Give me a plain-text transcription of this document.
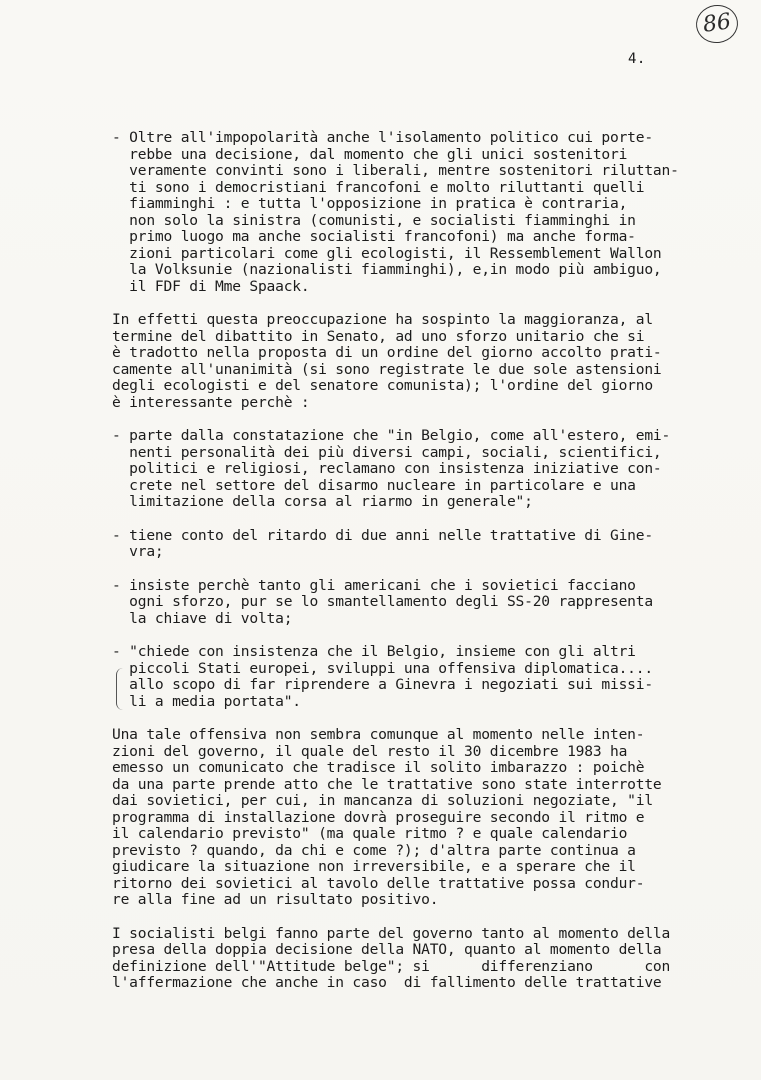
86
4.
- Oltre all'impopolarità anche l'isolamento politico cui porte-
rebbe una decisione, dal momento che gli unici sostenitori
veramente convinti sono i liberali, mentre sostenitori riluttan-
ti sono i democristiani francofoni e molto riluttanti quelli
fiamminghi : e tutta l'opposizione in pratica è contraria,
non solo la sinistra (comunisti, e socialisti fiamminghi in
primo luogo ma anche socialisti francofoni) ma anche forma-
zioni particolari come gli ecologisti, il Ressemblement Wallon
la Volksunie (nazionalisti fiamminghi), e,in modo più ambiguo,
il FDF di Mme Spaack.
In effetti questa preoccupazione ha sospinto la maggioranza, al
termine del dibattito in Senato, ad uno sforzo unitario che si
è tradotto nella proposta di un ordine del giorno accolto prati-
camente all'unanimità (si sono registrate le due sole astensioni
degli ecologisti e del senatore comunista); l'ordine del giorno
è interessante perchè :
- parte dalla constatazione che "in Belgio, come all'estero, emi-
nenti personalità dei più diversi campi, sociali, scientifici,
politici e religiosi, reclamano con insistenza iniziative con-
crete nel settore del disarmo nucleare in particolare e una
limitazione della corsa al riarmo in generale";
- tiene conto del ritardo di due anni nelle trattative di Gine-
vra;
- insiste perchè tanto gli americani che i sovietici facciano
ogni sforzo, pur se lo smantellamento degli SS-20 rappresenta
la chiave di volta;
- "chiede con insistenza che il Belgio, insieme con gli altri
piccoli Stati europei, sviluppi una offensiva diplomatica....
allo scopo di far riprendere a Ginevra i negoziati sui missi-
li a media portata".
Una tale offensiva non sembra comunque al momento nelle inten-
zioni del governo, il quale del resto il 30 dicembre 1983 ha
emesso un comunicato che tradisce il solito imbarazzo : poichè
da una parte prende atto che le trattative sono state interrotte
dai sovietici, per cui, in mancanza di soluzioni negoziate, "il
programma di installazione dovrà proseguire secondo il ritmo e
il calendario previsto" (ma quale ritmo ? e quale calendario
previsto ? quando, da chi e come ?); d'altra parte continua a
giudicare la situazione non irreversibile, e a sperare che il
ritorno dei sovietici al tavolo delle trattative possa condur-
re alla fine ad un risultato positivo.
I socialisti belgi fanno parte del governo tanto al momento della
presa della doppia decisione della NATO, quanto al momento della
definizione dell'"Attitude belge"; si      differenziano      con
l'affermazione che anche in caso  di fallimento delle trattative
